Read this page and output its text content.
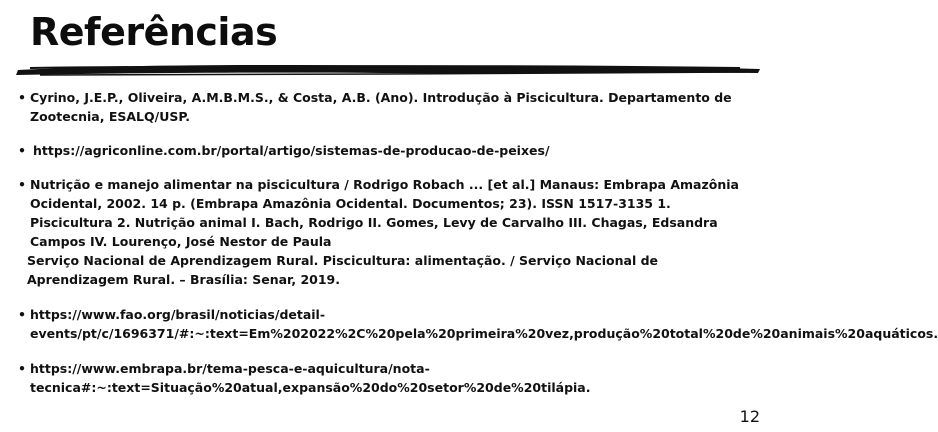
Referências
• Cyrino, J.E.P., Oliveira, A.M.B.M.S., & Costa, A.B. (Ano). Introdução à Piscicultura. Departamento de Zootecnia, ESALQ/USP.
• https://agriconline.com.br/portal/artigo/sistemas-de-producao-de-peixes/
• Nutrição e manejo alimentar na piscicultura / Rodrigo Robach ... [et al.] Manaus: Embrapa Amazônia Ocidental, 2002. 14 p. (Embrapa Amazônia Ocidental. Documentos; 23). ISSN 1517-3135 1. Piscicultura 2. Nutrição animal I. Bach, Rodrigo II. Gomes, Levy de Carvalho III. Chagas, Edsandra Campos IV. Lourenço, José Nestor de Paula
Serviço Nacional de Aprendizagem Rural. Piscicultura: alimentação. / Serviço Nacional de Aprendizagem Rural. – Brasília: Senar, 2019.
• https://www.fao.org/brasil/noticias/detail-events/pt/c/1696371/#:~:text=Em%202022%2C%20pela%20primeira%20vez,produção%20total%20de%20animais%20aquáticos.
• https://www.embrapa.br/tema-pesca-e-aquicultura/nota-tecnica#:~:text=Situação%20atual,expansão%20do%20setor%20de%20tilápia.
12
